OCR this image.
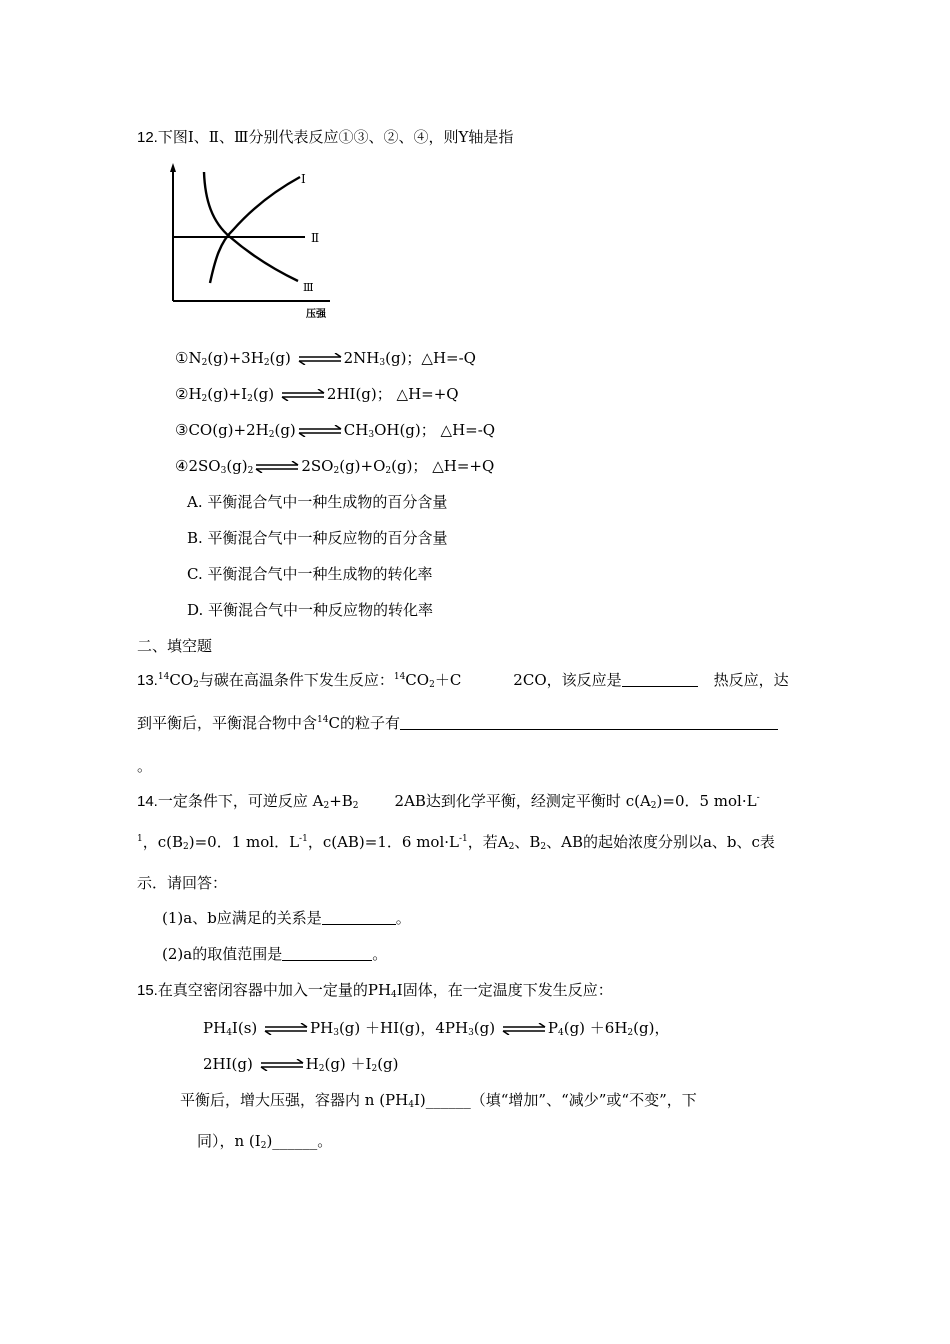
12.下图Ⅰ、Ⅱ、Ⅲ分别代表反应①③、②、④，则Y轴是指
Ⅰ
Ⅱ
Ⅲ
压强
$①N_2(g)+3H_2(g)$ $\rightleftharpoons 2NH_3(g)$；△H=-Q
$②H_2(g)+I_2(g)$ ⇌2HI(g)； △H=+Q
$③CO(g)+2H_2(g)\rightleftharpoons CH_3OH(g)$； △H=-Q
$④2SO_3(g)_2\rightleftharpoons 2SO_2(g)+O_2(g)$； △H=+Q
A. 平衡混合气中一种生成物的百分含量
B. 平衡混合气中一种反应物的百分含量
C. 平衡混合气中一种生成物的转化率
D. 平衡混合气中一种反应物的转化率
二、填空题
$13.14CO_2$与碳在高温条件下发生反应：$^{14}CO_2+C$	2CO，该反应是	热反应，达
到平衡后，平衡混合物中含$^{14}$C的粒子有
。
14.一定条件下，可逆反应 $A_2+B_2$ 2AB达到化学平衡，经测定平衡时 $c(A_2)=0$．5 mol·L-
$^1$，$c(B_2)=0$．1 mol．$L^{-1}$，c(AB)=1．6 $mol\cdot L^{-1}$，若$A_2$、$B_2$、AB的起始浓度分别以a、b、c表
示．请回答：
(1)a、b应满足的关系是	。
(2)a的取值范围是	。
15.在真空密闭容器中加入一定量的$PH_4I$固体，在一定温度下发生反应：
$PH_4I(s)$ $\rightleftharpoons PH_3(g) +HI(g)$，$4PH_3(g)$ $\rightleftharpoons P_4(g) +6H_2(g)$，
2HI(g) $\rightleftharpoons H_2(g) +I_2(g)$
平衡后，增大压强，容器内 n $(PH_4I)\_\_\_\_\_\_$（填“增加”、“减少”或“不变”，下
同），n $(I_2)\_\_\_\_\_\_$。
